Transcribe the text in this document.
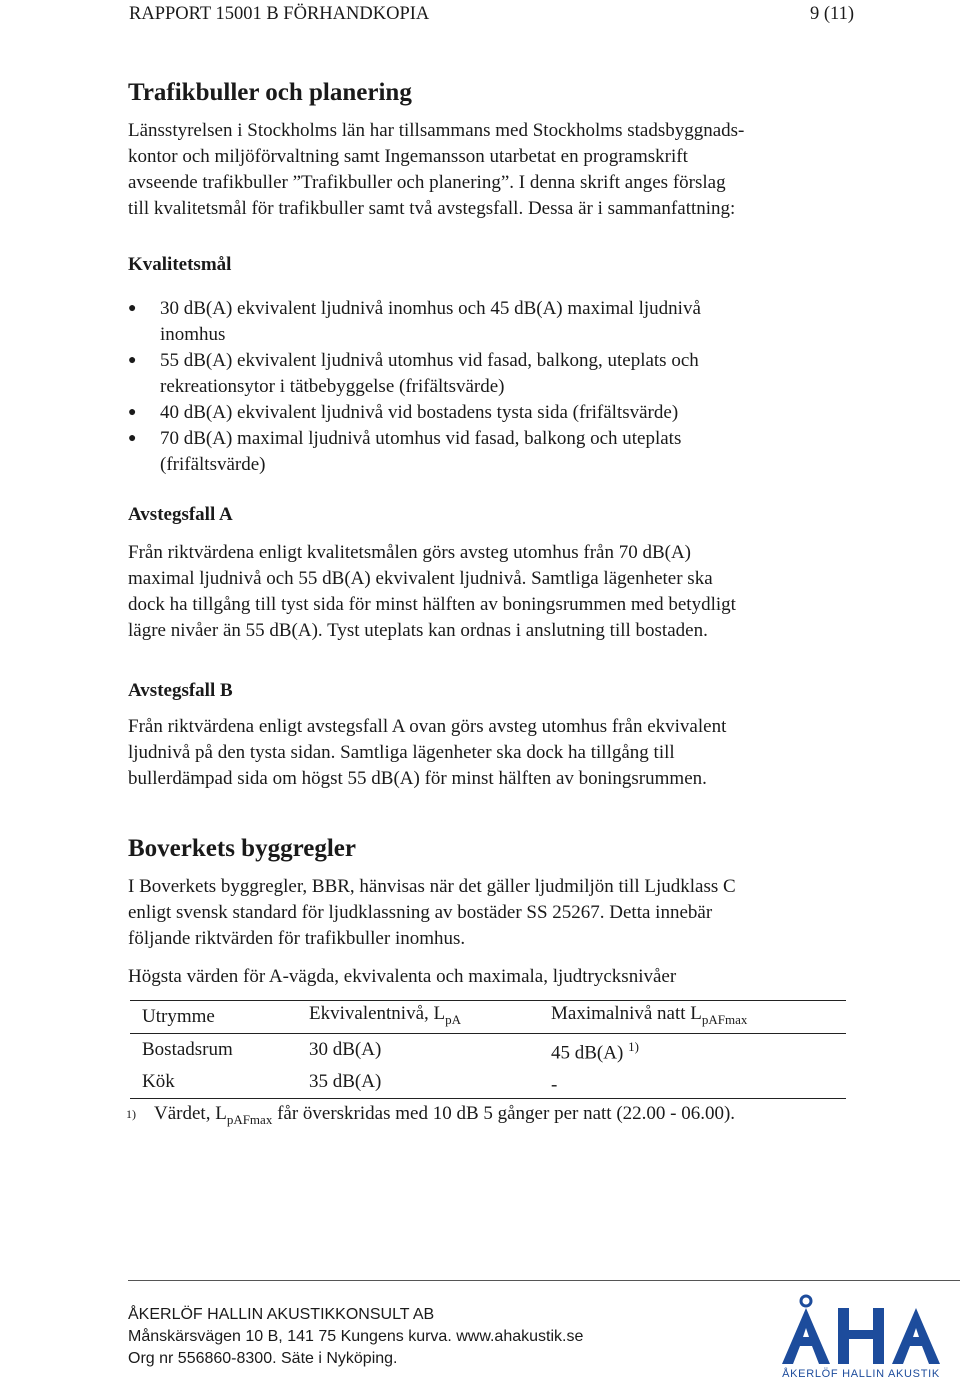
RAPPORT 15001 B FÖRHANDKOPIA	9 (11)
Trafikbuller och planering

Länsstyrelsen i Stockholms län har tillsammans med Stockholms stadsbyggnads-
kontor och miljöförvaltning samt Ingemansson utarbetat en programskrift
avseende trafikbuller ”Trafikbuller och planering”. I denna skrift anges förslag
till kvalitetsmål för trafikbuller samt två avstegsfall. Dessa är i sammanfattning:

Kvalitetsmål
● 30 dB(A) ekvivalent ljudnivå inomhus och 45 dB(A) maximal ljudnivå
inomhus
● 55 dB(A) ekvivalent ljudnivå utomhus vid fasad, balkong, uteplats och
rekreationsytor i tätbebyggelse (frifältsvärde)
● 40 dB(A) ekvivalent ljudnivå vid bostadens tysta sida (frifältsvärde)
● 70 dB(A) maximal ljudnivå utomhus vid fasad, balkong och uteplats
(frifältsvärde)
Avstegsfall A

Från riktvärdena enligt kvalitetsmålen görs avsteg utomhus från 70 dB(A)
maximal ljudnivå och 55 dB(A) ekvivalent ljudnivå. Samtliga lägenheter ska
dock ha tillgång till tyst sida för minst hälften av boningsrummen med betydligt
lägre nivåer än 55 dB(A). Tyst uteplats kan ordnas i anslutning till bostaden.

Avstegsfall B

Från riktvärdena enligt avstegsfall A ovan görs avsteg utomhus från ekvivalent
ljudnivå på den tysta sidan. Samtliga lägenheter ska dock ha tillgång till
bullerdämpad sida om högst 55 dB(A) för minst hälften av boningsrummen.

Boverkets byggregler

I Boverkets byggregler, BBR, hänvisas när det gäller ljudmiljön till Ljudklass C
enligt svensk standard för ljudklassning av bostäder SS 25267. Detta innebär
följande riktvärden för trafikbuller inomhus.

Högsta värden för A-vägda, ekvivalenta och maximala, ljudtrycksnivåer

Utrymme	Ekvivalentnivå, $L_{pA}$	Maximalnivå natt $L_{pAFmax}$
Bostadsrum	30 dB(A)	45 dB(A) $^{1)}$
Kök	35 dB(A)	-
$^{1)}$ Värdet, $L_{pAFmax}$ får överskridas med 10 dB 5 gånger per natt (22.00 - 06.00).
ÅKERLÖF HALLIN AKUSTIKKONSULT AB
Månskärsvägen 10 B, 141 75 Kungens kurva. www.ahakustik.se
Org nr 556860-8300. Säte i Nyköping.
ÅKERLÖF HALLIN AKUSTIK
